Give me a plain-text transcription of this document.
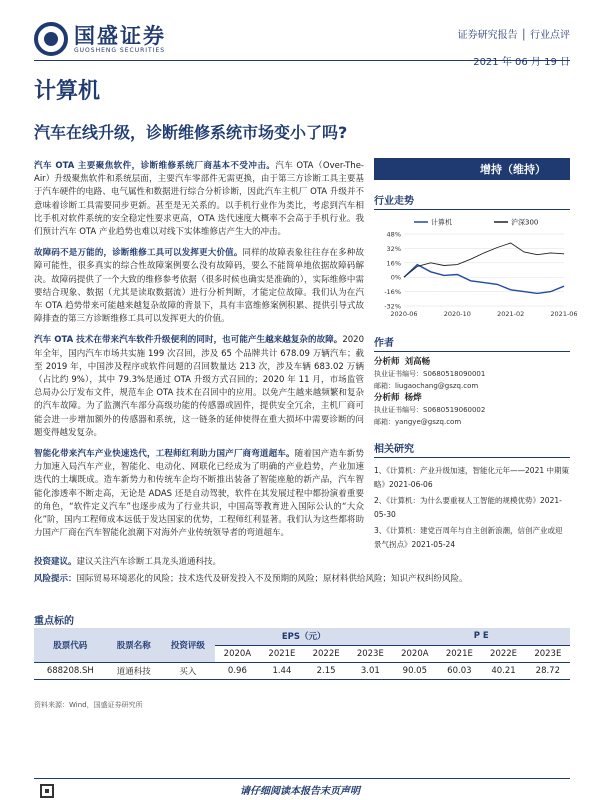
国盛证券
GUOSHENG SECURITIES
证券研究报告 │ 行业点评
2021 年 06 月 19 日
计算机
汽车在线升级，诊断维修系统市场变小了吗?

汽车 OTA 主要聚焦软件，诊断维修系统厂商基本不受冲击。汽车 OTA（Over-The-Air）升级聚焦软件和系统层面，主要汽车零部件无需更换，由于第三方诊断工具主要基于汽车硬件的电路、电气属性和数据进行综合分析诊断，因此汽车主机厂 OTA 升级并不意味着诊断工具需要同步更新。甚至是无关系的。以手机行业作为类比，考虑到汽车相比手机对软件系统的安全稳定性要求更高，OTA 迭代速度大概率不会高于手机行业。我们预计汽车 OTA 产业趋势也难以对线下实体维修店产生大的冲击。

故障码不是万能的，诊断维修工具可以发挥更大价值。同样的故障表象往往存在多种故障可能性，很多真实的综合性故障案例要么没有故障码，要么不能简单地依据故障码解决。故障码提供了一个大致的维修参考依据（很多时候也确实是准确的），实际维修中需要结合现象、数据（尤其是读取数据流）进行分析判断，才能定位故障。我们认为在汽车 OTA 趋势带来可能越来越复杂故障的背景下，具有丰富维修案例积累、提供引导式故障排查的第三方诊断维修工具可以发挥更大的价值。

汽车 OTA 技术在带来汽车软件升级便利的同时，也可能产生越来越复杂的故障。2020 年全年，国内汽车市场共实施 199 次召回，涉及 65 个品牌共计 678.09 万辆汽车；截至 2019 年，中国涉及程序或软件问题的召回数量达 213 次，涉及车辆 683.02 万辆（占比约 9%），其中 79.3%是通过 OTA 升级方式召回的；2020 年 11 月，市场监管总局办公厅发布文件，规范车企 OTA 技术在召回中的应用。以免产生越来越频繁和复杂的汽车故障。为了监测汽车部分高级功能的传感器或固件，提供安全冗余，主机厂商可能会进一步增加额外的传感器和系统，这一链条的延伸使得在重大损坏中需要诊断的问题变得越发复杂。

智能化带来汽车产业快速迭代，工程师红利助力国产厂商弯道超车。随着国产造车新势力加速入局汽车产业，智能化、电动化、网联化已经成为了明确的产业趋势，产业加速迭代的土壤既成。造车新势力和传统车企均不断推出装备了智能座舱的新产品，汽车智能化渗透率不断走高，无论是 ADAS 还是自动驾驶，软件在其发展过程中都扮演着重要的角色，“软件定义汽车”也逐步成为了行业共识，中国高等教育进入国际公认的“大众化”阶，国内工程师成本远低于发达国家的优势，工程师红利显著。我们认为这些都将助力国产厂商在汽车智能化浪潮下对海外产业传统领导者的弯道超车。

增持（维持）
行业走势
48%
32%
16%
0%
-16%
-32%
2020-06	2020-10	2021-02	2021-06
计算机	沪深300
作者
分析师 刘高畅
执业证书编号：S0680518090001
邮箱：liugaochang@gszq.com
分析师 杨烨
执业证书编号：S0680519060002
邮箱：yangye@gszq.com
相关研究
1、《计算机：产业升级加速，智能化元年——2021 中期策略》2021-06-06
2、《计算机：为什么要重视人工智能的规模优势》2021-05-30
3、《计算机：建党百周年与自主创新浪潮，信创产业或迎景气拐点》2021-05-24

投资建议。建议关注汽车诊断工具龙头道通科技。

风险提示：国际贸易环境恶化的风险；技术迭代及研发投入不及预期的风险；原材料供给风险；知识产权纠纷风险。

重点标的
股票代码	股票名称	投资评级	EPS（元）				P E			
			2020A	2021E	2022E	2023E	2020A	2021E	2022E	2023E
688208.SH	道通科技	买入	0.96	1.44	2.15	3.01	90.05	60.03	40.21	28.72
资料来源：Wind，国盛证券研究所
请仔细阅读本报告末页声明
